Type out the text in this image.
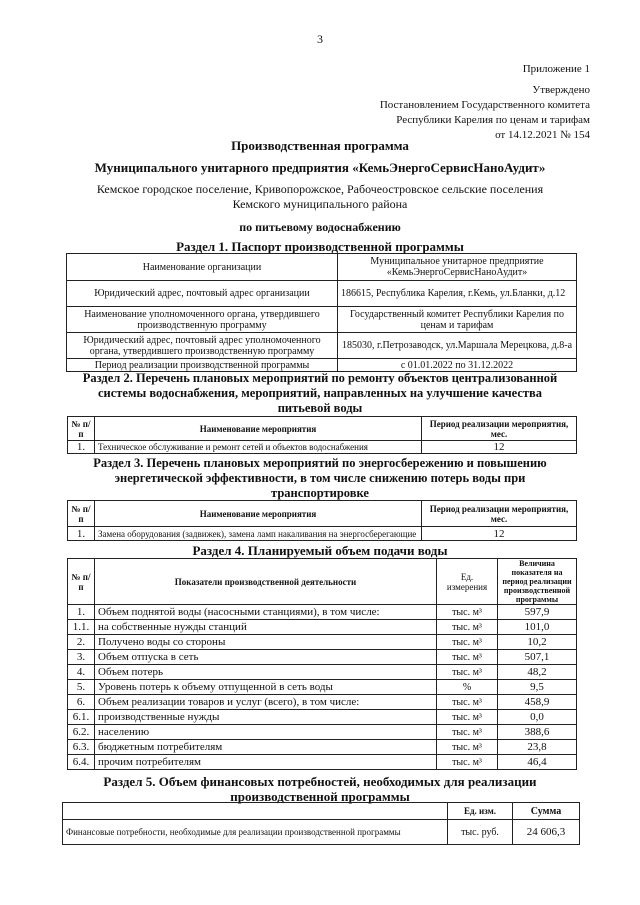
3
Приложение 1
Утверждено
Постановлением Государственного комитета
Республики Карелия по ценам и тарифам
от 14.12.2021 № 154
Производственная программа
Муниципального унитарного предприятия «КемьЭнергоСервисНаноАудит»
Кемское городское поселение, Кривопорожское, Рабочеостровское сельские поселения
Кемского муниципального района
по питьевому водоснабжению
Раздел 1. Паспорт производственной программы
Наименование организации	Муниципальное унитарное предприятие «КемьЭнергоСервисНаноАудит»
Юридический адрес, почтовый адрес организации	186615, Республика Карелия, г.Кемь, ул.Бланки, д.12
Наименование уполномоченного органа, утвердившего производственную программу	Государственный комитет Республики Карелия по ценам и тарифам
Юридический адрес, почтовый адрес уполномоченного органа, утвердившего производственную программу	185030, г.Петрозаводск, ул.Маршала Мерецкова, д.8-а
Период реализации производственной программы	с 01.01.2022 по 31.12.2022
Раздел 2. Перечень плановых мероприятий по ремонту объектов централизованной системы водоснабжения, мероприятий, направленных на улучшение качества питьевой воды
№ п/п	Наименование мероприятия	Период реализации мероприятия, мес.
1.	Техническое обслуживание и ремонт сетей и объектов водоснабжения	12
Раздел 3. Перечень плановых мероприятий по энергосбережению и повышению энергетической эффективности, в том числе снижению потерь воды при транспортировке
№ п/п	Наименование мероприятия	Период реализации мероприятия, мес.
1.	Замена оборудования (задвижек), замена ламп накаливания на энергосберегающие	12
Раздел 4. Планируемый объем подачи воды
№ п/п	Показатели производственной деятельности	Ед. измерения	Величина показателя на период реализации производственной программы
1.	Объем поднятой воды (насосными станциями), в том числе:	тыс. м³	597,9
1.1.	на собственные нужды станций	тыс. м³	101,0
2.	Получено воды со стороны	тыс. м³	10,2
3.	Объем отпуска в сеть	тыс. м³	507,1
4.	Объем потерь	тыс. м³	48,2
5.	Уровень потерь к объему отпущенной в сеть воды	%	9,5
6.	Объем реализации товаров и услуг (всего), в том числе:	тыс. м³	458,9
6.1.	производственные нужды	тыс. м³	0,0
6.2.	населению	тыс. м³	388,6
6.3.	бюджетным потребителям	тыс. м³	23,8
6.4.	прочим потребителям	тыс. м³	46,4
Раздел 5. Объем финансовых потребностей, необходимых для реализации
производственной программы
	Ед. изм.	Сумма
Финансовые потребности, необходимые для реализации производственной программы	тыс. руб.	24 606,3
